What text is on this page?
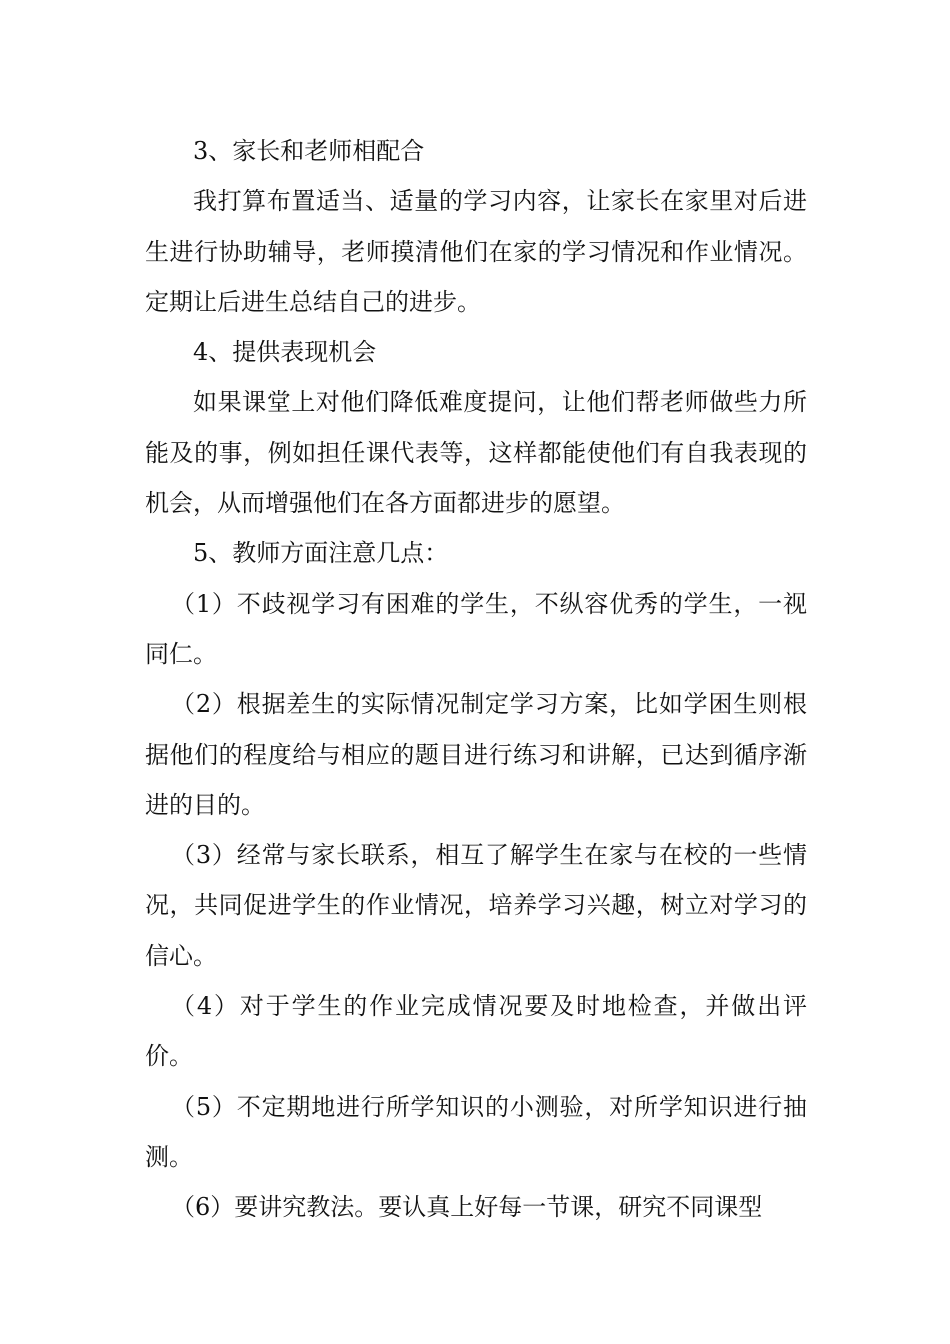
3、家长和老师相配合

我打算布置适当、适量的学习内容，让家长在家里对后进生进行协助辅导，老师摸清他们在家的学习情况和作业情况。定期让后进生总结自己的进步。

4、提供表现机会

如果课堂上对他们降低难度提问，让他们帮老师做些力所能及的事，例如担任课代表等，这样都能使他们有自我表现的机会，从而增强他们在各方面都进步的愿望。

5、教师方面注意几点：

（1）不歧视学习有困难的学生，不纵容优秀的学生，一视同仁。

（2）根据差生的实际情况制定学习方案，比如学困生则根据他们的程度给与相应的题目进行练习和讲解，已达到循序渐进的目的。

（3）经常与家长联系，相互了解学生在家与在校的一些情况，共同促进学生的作业情况，培养学习兴趣，树立对学习的信心。

（4）对于学生的作业完成情况要及时地检查，并做出评价。

（5）不定期地进行所学知识的小测验，对所学知识进行抽测。

（6）要讲究教法。要认真上好每一节课，研究不同课型
